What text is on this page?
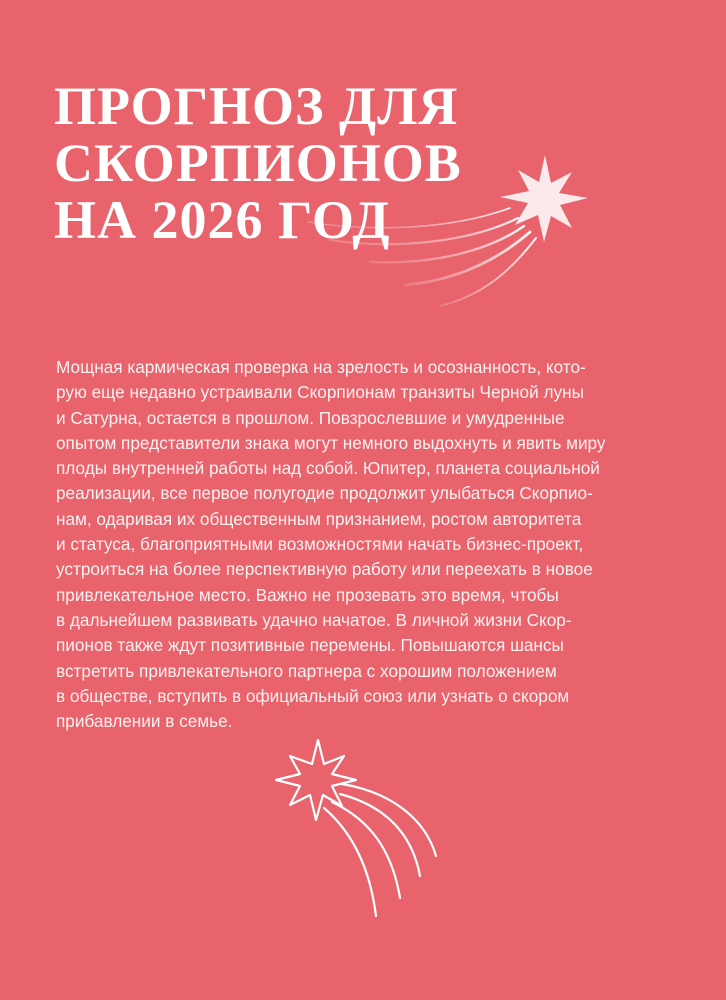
ПРОГНОЗ ДЛЯ
СКОРПИОНОВ
НА 2026 ГОД
Мощная кармическая проверка на зрелость и осознанность, кото-
рую еще недавно устраивали Скорпионам транзиты Черной луны
и Сатурна, остается в прошлом. Повзрослевшие и умудренные
опытом представители знака могут немного выдохнуть и явить миру
плоды внутренней работы над собой. Юпитер, планета социальной
реализации, все первое полугодие продолжит улыбаться Скорпио-
нам, одаривая их общественным признанием, ростом авторитета
и статуса, благоприятными возможностями начать бизнес-проект,
устроиться на более перспективную работу или переехать в новое
привлекательное место. Важно не прозевать это время, чтобы
в дальнейшем развивать удачно начатое. В личной жизни Скор-
пионов также ждут позитивные перемены. Повышаются шансы
встретить привлекательного партнера с хорошим положением
в обществе, вступить в официальный союз или узнать о скором
прибавлении в семье.
